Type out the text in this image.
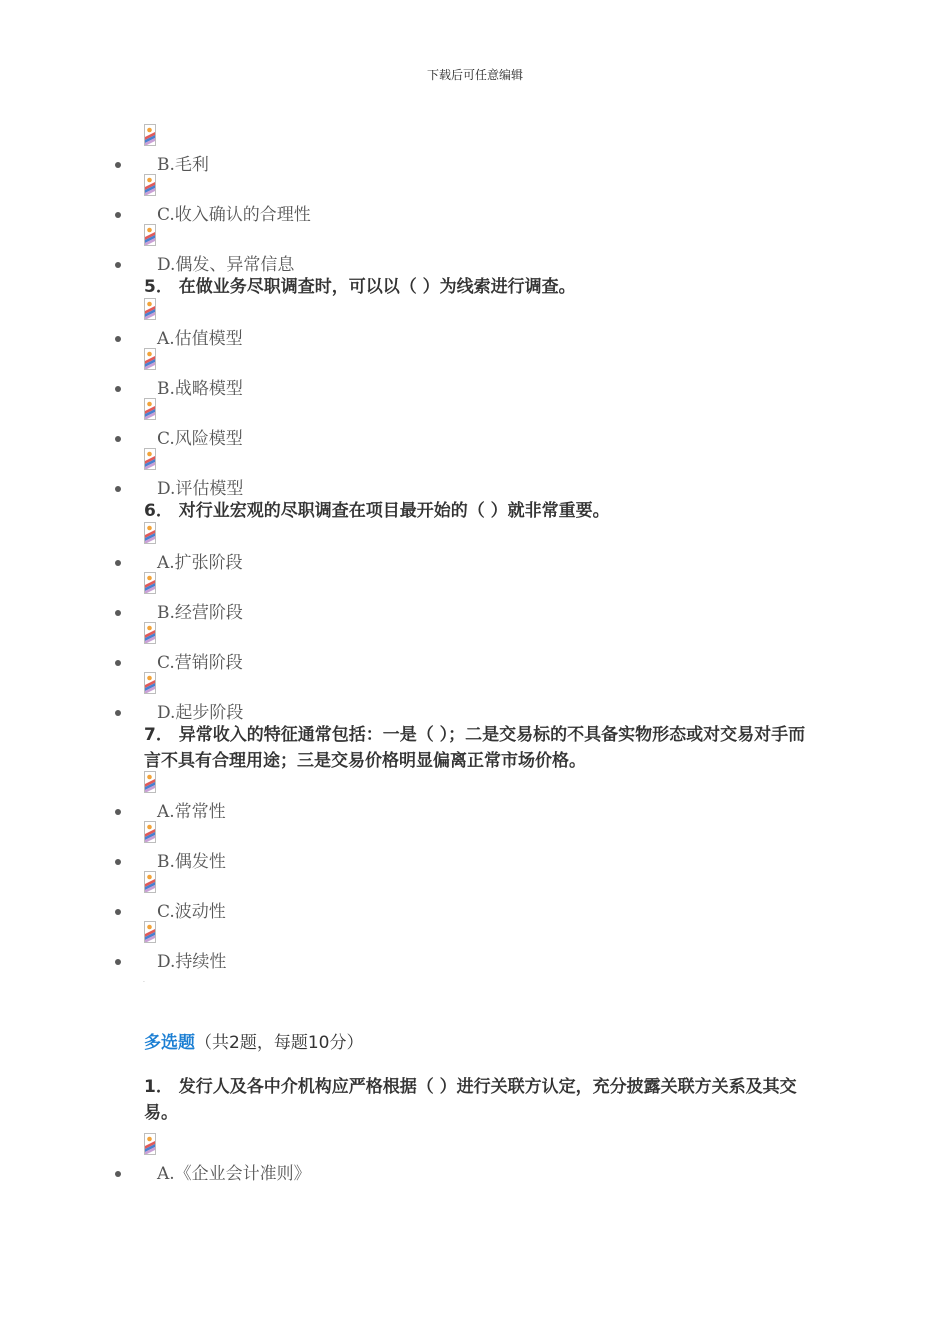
下载后可任意编辑
B.毛利
C.收入确认的合理性
D.偶发、异常信息
5． 在做业务尽职调查时，可以以（ ）为线索进行调查。
A.估值模型
B.战略模型
C.风险模型
D.评估模型
6． 对行业宏观的尽职调查在项目最开始的（ ）就非常重要。
A.扩张阶段
B.经营阶段
C.营销阶段
D.起步阶段
7． 异常收入的特征通常包括：一是（ ）；二是交易标的不具备实物形态或对交易对手而言不具有合理用途；三是交易价格明显偏离正常市场价格。
A.常常性
B.偶发性
C.波动性
D.持续性
1． 发行人及各中介机构应严格根据（ ）进行关联方认定，充分披露关联方关系及其交易。
A.《企业会计准则》
·
多选题（共2题，每题10分）
